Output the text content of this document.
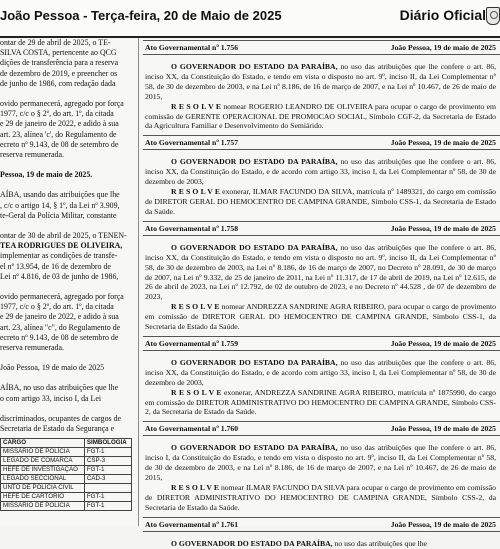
João Pessoa - Terça-feira, 20 de Maio de 2025	Diário Oficial

ontar de 29 de abril de 2025, o TE-

SILVA COSTA, pertencente ao QCG

dições de transferência para a reserva

de dezembro de 2019, e preencher os

de junho de 1986, com redação dada

ovido permanecerá, agregado por força

1977, c/c o § 2º, do art. 1º, da citada

e 29 de janeiro de 2022, e adido à sua

art. 23, alínea 'c', do Regulamento de

ecreto nº 9.143, de 08 de setembro de

reserva remunerada.

Pessoa, 19 de maio de 2025.

AÍBA, usando das atribuições que lhe

, c/c o artigo 14, § 1º, da Lei nº 3.909,

te-Geral da Polícia Militar, constante

ontar de 30 de abril de 2025, o TENEN-

TEA RODRIGUES DE OLIVEIRA,

implementar as condições de transfe-

el nº 13.954, de 16 de dezembro de

Lei nº 4.816, de 03 de junho de 1986,

ovido permanecerá, agregado por força

1977, c/c o § 2º, do art. 1º, da citada

e 29 de janeiro de 2022, e adido à sua

art. 23, alínea "c", do Regulamento de

ecreto nº 9.143, de 08 de setembro de

reserva remunerada.

João Pessoa, 19 de maio de 2025

AÍBA, no uso das atribuições que lhe

o com artigo 33, inciso I, da Lei

discriminados, ocupantes de cargos de

Secretaria de Estado da Segurança e

CARGO	SIMBOLOGIA
MISSÁRIO DE POLÍCIA	FGT-1
LEGADO DE COMARCA	CSP-3
HEFE DE INVESTIGAÇÃO	FGT-1
LEGADO SECCIONAL	CAD-3
UNTO DE POLÍCIA CIVIL	
HEFE DE CARTÓRIO	FGT-1
MISSÁRIO DE POLÍCIA	FGT-1
Ato Governamental nº 1.756	João Pessoa, 19 de maio de 2025

O GOVERNADOR DO ESTADO DA PARAÍBA, no uso das atribuições que lhe confere o art. 86, inciso XX, da Constituição do Estado, e tendo em vista o disposto no art. 9º, inciso II, da Lei Complementar nº 58, de 30 de dezembro de 2003, e na Lei nº 8.186, de 16 de março de 2007, e na Lei nº 10.467, de 26 de maio de 2015,

R E S O L V E nomear ROGERIO LEANDRO DE OLIVEIRA para ocupar o cargo de provimento em comissão de GERENTE OPERACIONAL DE PROMOCAO SOCIAL, Símbolo CGF-2, da Secretaria de Estado da Agricultura Familiar e Desenvolvimento do Semiárido.

Ato Governamental nº 1.757	João Pessoa, 19 de maio de 2025

O GOVERNADOR DO ESTADO DA PARAÍBA, no uso das atribuições que lhe confere o art. 86, inciso XX, da Constituição do Estado, e de acordo com artigo 33, inciso I, da Lei Complementar nº 58, de 30 de dezembro de 2003,

R E S O L V E exonerar, ILMAR FACUNDO DA SILVA, matrícula nº 1489321, do cargo em comissão de DIRETOR GERAL DO HEMOCENTRO DE CAMPINA GRANDE, Símbolo CSS-1, da Secretaria de Estado da Saúde.

Ato Governamental nº 1.758	João Pessoa, 19 de maio de 2025

O GOVERNADOR DO ESTADO DA PARAÍBA, no uso das atribuições que lhe confere o art. 86, inciso XX, da Constituição do Estado, e tendo em vista o disposto no art. 9º, inciso II, da Lei Complementar nº 58, de 30 de dezembro de 2003, na Lei nº 8.186, de 16 de março de 2007, no Decreto nº 28.091, de 30 de março de 2007, na Lei nº 9.332, de 25 de janeiro de 2011, na Lei nº 11.317, de 17 de abril de 2019, na Lei nº 12.615, de 26 de abril de 2023, na Lei nº 12.792, de 02 de outubro de 2023, e no Decreto nº 44.528 , de 07 de dezembro de 2023,

R E S O L V E nomear ANDREZZA SANDRINE AGRA RIBEIRO, para ocupar o cargo de provimento em comissão de DIRETOR GERAL DO HEMOCENTRO DE CAMPINA GRANDE, Símbolo CSS-1, da Secretaria de Estado da Saúde.

Ato Governamental nº 1.759	João Pessoa, 19 de maio de 2025

O GOVERNADOR DO ESTADO DA PARAÍBA, no uso das atribuições que lhe confere o art. 86, inciso XX, da Constituição do Estado, e de acordo com artigo 33, inciso I, da Lei Complementar nº 58, de 30 de dezembro de 2003,

R E S O L V E exonerar, ANDREZZA SANDRINE AGRA RIBEIRO, matrícula nº 1875990, do cargo em comissão de DIRETOR ADMINISTRATIVO DO HEMOCENTRO DE CAMPINA GRANDE, Símbolo CSS-2, da Secretaria de Estado da Saúde.

Ato Governamental nº 1.760	João Pessoa, 19 de maio de 2025

O GOVERNADOR DO ESTADO DA PARAÍBA, no uso das atribuições que lhe confere o art. 86, inciso I, da Constituição do Estado, e tendo em vista o disposto no art. 9º, inciso II, da Lei Complementar nº 58, de 30 de dezembro de 2003, e na Lei nº 8.186, de 16 de março de 2007, e na Lei nº 10.467, de 26 de maio de 2015,

R E S O L V E nomear ILMAR FACUNDO DA SILVA para ocupar o cargo de provimento em comissão de DIRETOR ADMINISTRATIVO DO HEMOCENTRO DE CAMPINA GRANDE, Símbolo CSS-2, da Secretaria de Estado da Saúde.

Ato Governamental nº 1.761	João Pessoa, 19 de maio de 2025

O GOVERNADOR DO ESTADO DA PARAÍBA, no uso das atribuições que lhe
